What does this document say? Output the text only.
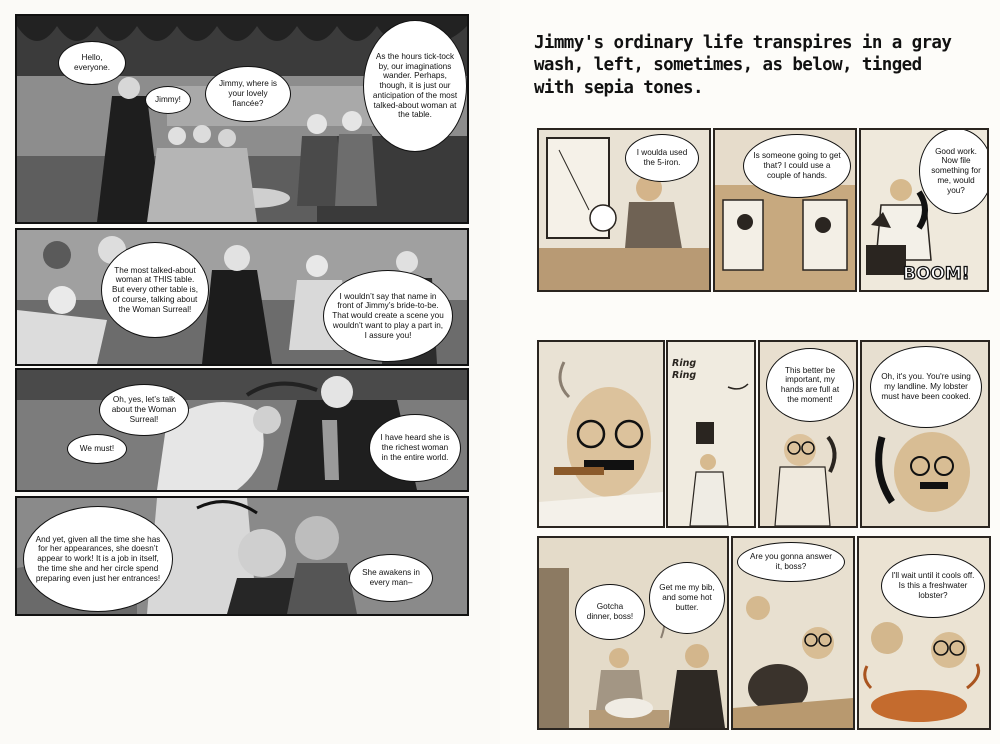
Hello, everyone.
Jimmy!
Jimmy, where is your lovely fiancée?
As the hours tick-tock by, our imaginations wander. Perhaps, though, it is just our anticipation of the most talked-about woman at the table.
The most talked-about woman at THIS table. But every other table is, of course, talking about the Woman Surreal!
I wouldn’t say that name in front of Jimmy’s bride-to-be. That would create a scene you wouldn’t want to play a part in, I assure you!
Oh, yes, let’s talk about the Woman Surreal!
We must!
I have heard she is the richest woman in the entire world.
And yet, given all the time she has for her appearances, she doesn’t appear to work! It is a job in itself, the time she and her circle spend preparing even just her entrances!
She awakens in every man–
Jimmy's ordinary life transpires in a gray wash, left, sometimes, as below, tinged with sepia tones.
I woulda used the 5-iron.
Is someone going to get that? I could use a couple of hands.
Good work. Now file something for me, would you?
BOOM!
Ring Ring
This better be important, my hands are full at the moment!
Oh, it's you. You're using my landline. My lobster must have been cooked.
Gotcha dinner, boss!
Get me my bib, and some hot butter.
Are you gonna answer it, boss?
I'll wait until it cools off. Is this a freshwater lobster?
